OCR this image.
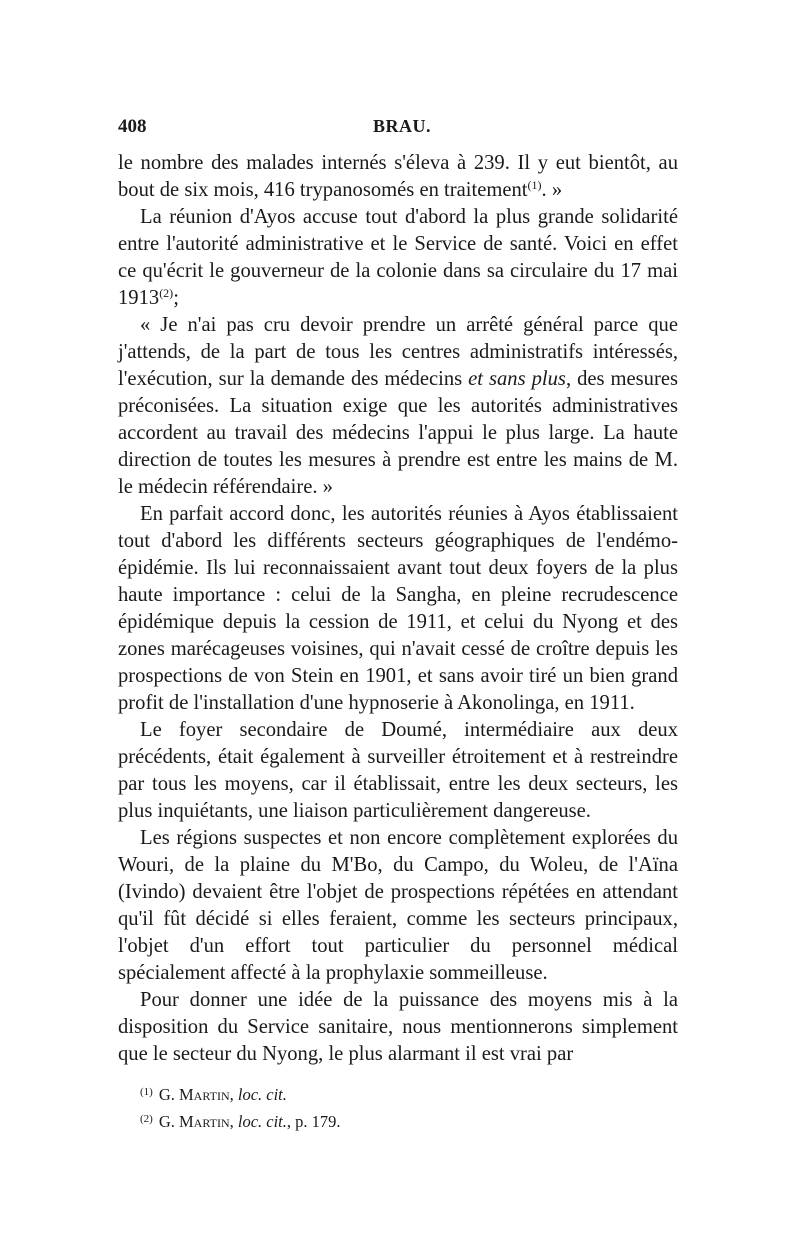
408	BRAU.

le nombre des malades internés s'éleva à 239. Il y eut bientôt, au bout de six mois, 416 trypanosomés en traitement$^{(1)}$. »

La réunion d'Ayos accuse tout d'abord la plus grande solidarité entre l'autorité administrative et le Service de santé. Voici en effet ce qu'écrit le gouverneur de la colonie dans sa circulaire du 17 mai 1913$^{(2)}$;

« Je n'ai pas cru devoir prendre un arrêté général parce que j'attends, de la part de tous les centres administratifs intéressés, l'exécution, sur la demande des médecins et sans plus, des mesures préconisées. La situation exige que les autorités administratives accordent au travail des médecins l'appui le plus large. La haute direction de toutes les mesures à prendre est entre les mains de M. le médecin référendaire. »

En parfait accord donc, les autorités réunies à Ayos établissaient tout d'abord les différents secteurs géographiques de l'endémo-épidémie. Ils lui reconnaissaient avant tout deux foyers de la plus haute importance : celui de la Sangha, en pleine recrudescence épidémique depuis la cession de 1911, et celui du Nyong et des zones marécageuses voisines, qui n'avait cessé de croître depuis les prospections de von Stein en 1901, et sans avoir tiré un bien grand profit de l'installation d'une hypnoserie à Akonolinga, en 1911.

Le foyer secondaire de Doumé, intermédiaire aux deux précédents, était également à surveiller étroitement et à restreindre par tous les moyens, car il établissait, entre les deux secteurs, les plus inquiétants, une liaison particulièrement dangereuse.

Les régions suspectes et non encore complètement explorées du Wouri, de la plaine du M'Bo, du Campo, du Woleu, de l'Aïna (Ivindo) devaient être l'objet de prospections répétées en attendant qu'il fût décidé si elles feraient, comme les secteurs principaux, l'objet d'un effort tout particulier du personnel médical spécialement affecté à la prophylaxie sommeilleuse.

Pour donner une idée de la puissance des moyens mis à la disposition du Service sanitaire, nous mentionnerons simplement que le secteur du Nyong, le plus alarmant il est vrai par

$^{(1)}$ G. Martin, loc. cit.
$^{(2)}$ G. Martin, loc. cit., p. 179.
